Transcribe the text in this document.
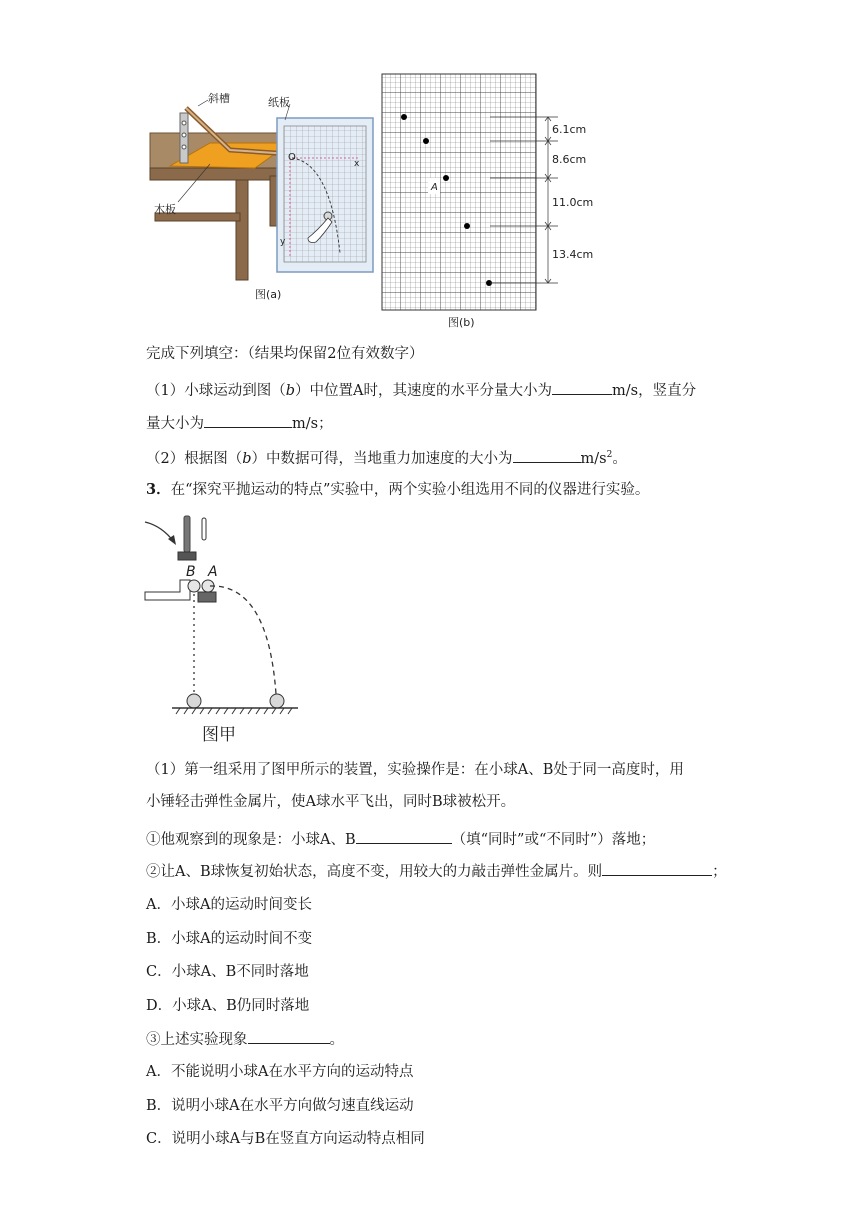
斜槽	纸板
木板
O
x
y
图(a)
A
6.1cm
8.6cm
11.0cm
13.4cm
图(b)
完成下列填空：（结果均保留2位有效数字）
（1）小球运动到图（b）中位置A时，其速度的水平分量大小为	m/s，竖直分
量大小为	m/s；
（2）根据图（b）中数据可得，当地重力加速度的大小为	$m/s^2$。
3．在“探究平抛运动的特点”实验中，两个实验小组选用不同的仪器进行实验。
B A
图甲
（1）第一组采用了图甲所示的装置，实验操作是：在小球A、B处于同一高度时，用
小锤轻击弹性金属片，使A球水平飞出，同时B球被松开。
①他观察到的现象是：小球A、B	（填“同时”或“不同时”）落地；
②让A、B球恢复初始状态，高度不变，用较大的力敲击弹性金属片。则	；
A．小球A的运动时间变长
B．小球A的运动时间不变
C．小球A、B不同时落地
D．小球A、B仍同时落地
③上述实验现象	。
A．不能说明小球A在水平方向的运动特点
B．说明小球A在水平方向做匀速直线运动
C．说明小球A与B在竖直方向运动特点相同
